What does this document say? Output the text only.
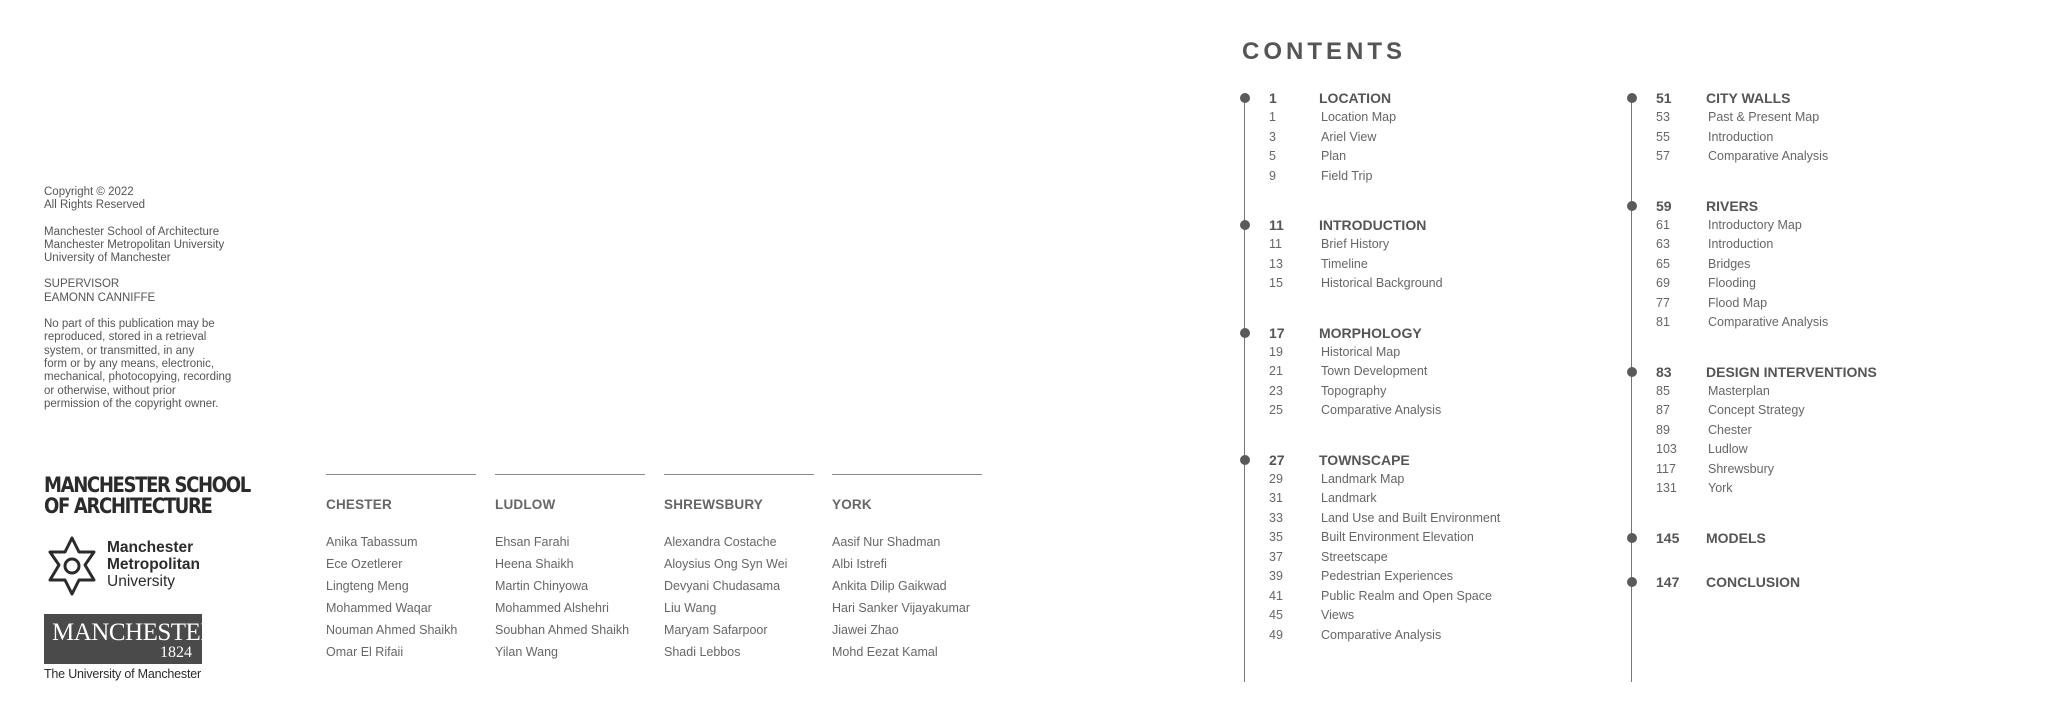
Copyright © 2022
All Rights Reserved
Manchester School of Architecture
Manchester Metropolitan University
University of Manchester
SUPERVISOR
EAMONN CANNIFFE
No part of this publication may be
reproduced, stored in a retrieval
system, or transmitted, in any
form or by any means, electronic,
mechanical, photocopying, recording
or otherwise, without prior
permission of the copyright owner.
MANCHESTER SCHOOL
OF ARCHITECTURE
Manchester
Metropolitan
University
MANCHESTER
1824
The University of Manchester
CHESTER
Anika Tabassum
Ece Ozetlerer
Lingteng Meng
Mohammed Waqar
Nouman Ahmed Shaikh
Omar El Rifaii
LUDLOW
Ehsan Farahi
Heena Shaikh
Martin Chinyowa
Mohammed Alshehri
Soubhan Ahmed Shaikh
Yilan Wang
SHREWSBURY
Alexandra Costache
Aloysius Ong Syn Wei
Devyani Chudasama
Liu Wang
Maryam Safarpoor
Shadi Lebbos
YORK
Aasif Nur Shadman
Albi Istrefi
Ankita Dilip Gaikwad
Hari Sanker Vijayakumar
Jiawei Zhao
Mohd Eezat Kamal
CONTENTS
1	LOCATION
1	Location Map
3	Ariel View
5	Plan
9	Field Trip
11	INTRODUCTION
11	Brief History
13	Timeline
15	Historical Background
17 MORPHOLOGY
19	Historical Map
21	Town Development
23	Topography
25	Comparative Analysis
27 TOWNSCAPE
29	Landmark Map
31	Landmark
33	Land Use and Built Environment
35	Built Environment Elevation
37	Streetscape
39	Pedestrian Experiences
41	Public Realm and Open Space
45	Views
49	Comparative Analysis
51 CITY WALLS
53	Past & Present Map
55	Introduction
57	Comparative Analysis
59 RIVERS
61	Introductory Map
63	Introduction
65	Bridges
69	Flooding
77	Flood Map
81	Comparative Analysis
83 DESIGN INTERVENTIONS
85	Masterplan
87	Concept Strategy
89	Chester
103 Ludlow
117	Shrewsbury
131 York
145 MODELS
147 CONCLUSION
